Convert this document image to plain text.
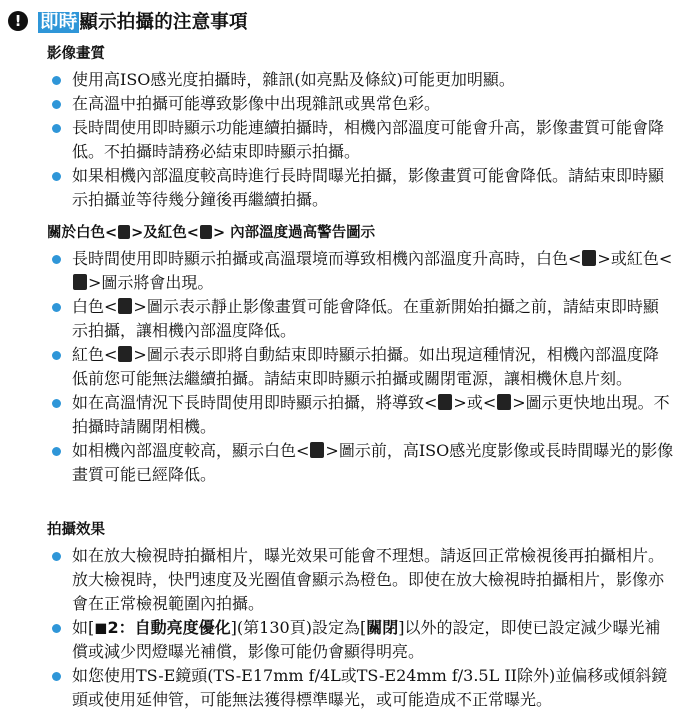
!	即時 顯示拍攝的注意事項
影像畫質
使用高ISO感光度拍攝時，雜訊(如亮點及條紋)可能更加明顯。
在高溫中拍攝可能導致影像中出現雜訊或異常色彩。
長時間使用即時顯示功能連續拍攝時，相機內部溫度可能會升高，影像畫質可能會降低。不拍攝時請務必結束即時顯示拍攝。
如果相機內部溫度較高時進行長時間曝光拍攝，影像畫質可能會降低。請結束即時顯示拍攝並等待幾分鐘後再繼續拍攝。
關於白色< >及紅色< > 內部溫度過高警告圖示
長時間使用即時顯示拍攝或高溫環境而導致相機內部溫度升高時，白色< >或紅色<>圖示將會出現。
白色< >圖示表示靜止影像畫質可能會降低。在重新開始拍攝之前，請結束即時顯示拍攝，讓相機內部溫度降低。
紅色< >圖示表示即將自動結束即時顯示拍攝。如出現這種情況，相機內部溫度降低前您可能無法繼續拍攝。請結束即時顯示拍攝或關閉電源，讓相機休息片刻。
如在高溫情況下長時間使用即時顯示拍攝，將導致< >或< >圖示更快地出現。不拍攝時請關閉相機。
如相機內部溫度較高，顯示白色< >圖示前，高ISO感光度影像或長時間曝光的影像畫質可能已經降低。
拍攝效果
如在放大檢視時拍攝相片，曝光效果可能會不理想。請返回正常檢視後再拍攝相片。放大檢視時，快門速度及光圈值會顯示為橙色。即使在放大檢視時拍攝相片，影像亦會在正常檢視範圍內拍攝。
如[◼2：自動亮度優化](第130頁)設定為[關閉]以外的設定，即使已設定減少曝光補償或減少閃燈曝光補償，影像可能仍會顯得明亮。
如您使用TS-E鏡頭(TS-E17mm f/4L或TS-E24mm f/3.5L II除外)並偏移或傾斜鏡頭或使用延伸管，可能無法獲得標準曝光，或可能造成不正常曝光。
